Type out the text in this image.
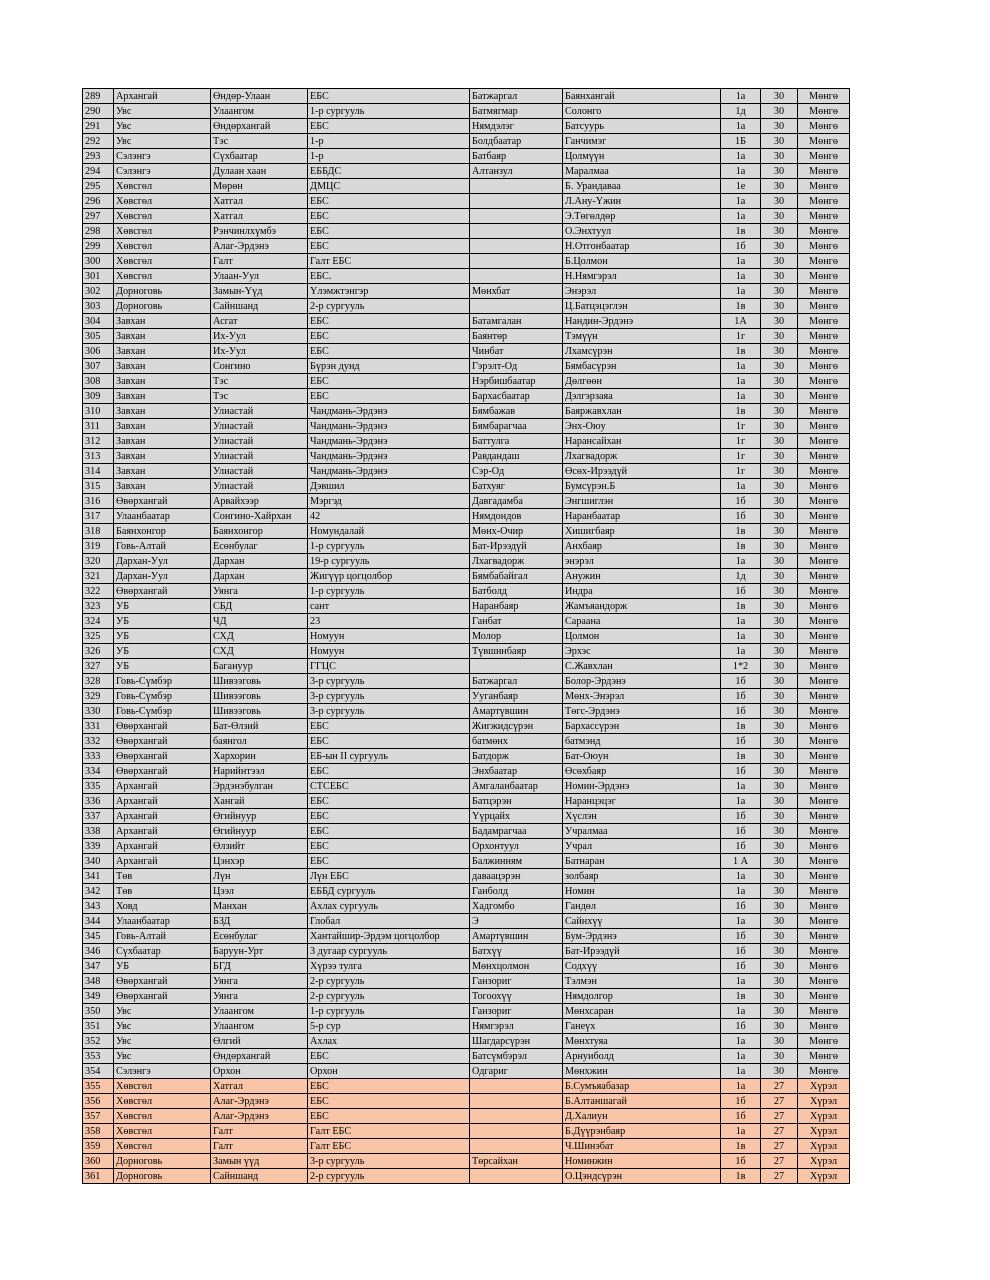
289	Архангай	Өндөр-Улаан	ЕБС	Батжаргал	Баянхангай	1а	30	Мөнгө
290	Увс	Улаангом	1-р сургууль	Батмягмар	Солонго	1д	30	Мөнгө
291	Увс	Өндөрхангай	ЕБС	Нямдэлэг	Батсуурь	1а	30	Мөнгө
292	Увс	Тэс	1-р	Болдбаатар	Ганчимэг	1Б	30	Мөнгө
293	Сэлэнгэ	Сүхбаатар	1-р	Батбаяр	Цолмүүн	1а	30	Мөнгө
294	Сэлэнгэ	Дулаан хаан	ЕББДС	Алтанзул	Маралмаа	1а	30	Мөнгө
295	Хөвсгөл	Мөрөн	ДМЦС		Б. Урандаваа	1е	30	Мөнгө
296	Хөвсгөл	Хатгал	ЕБС		Л.Ану-Үжин	1а	30	Мөнгө
297	Хөвсгөл	Хатгал	ЕБС		Э.Төгөлдөр	1а	30	Мөнгө
298	Хөвсгөл	Рэнчинлхүмбэ	ЕБС		О.Энхтуул	1в	30	Мөнгө
299	Хөвсгөл	Алаг-Эрдэнэ	ЕБС		Н.Отгонбаатар	1б	30	Мөнгө
300	Хөвсгөл	Галт	Галт ЕБС		Б.Цолмон	1а	30	Мөнгө
301	Хөвсгөл	Улаан-Уул	ЕБС.		Н.Нямгэрэл	1а	30	Мөнгө
302	Дорноговь	Замын-Үүд	Үлэмжтэнгэр	Мөнхбат	Энэрэл	1а	30	Мөнгө
303	Дорноговь	Сайншанд	2-р сургууль		Ц.Батцэцэглэн	1в	30	Мөнгө
304	Завхан	Асгат	ЕБС	Батамгалан	Нандин-Эрдэнэ	1А	30	Мөнгө
305	Завхан	Их-Уул	ЕБС	Баянтөр	Тэмүүн	1г	30	Мөнгө
306	Завхан	Их-Уул	ЕБС	Чинбат	Лхамсүрэн	1в	30	Мөнгө
307	Завхан	Сонгино	Бүрэн дунд	Гэрэлт-Од	Бямбасүрэн	1а	30	Мөнгө
308	Завхан	Тэс	ЕБС	Нэрбишбаатар	Дөлгөөн	1а	30	Мөнгө
309	Завхан	Тэс	ЕБС	Бархасбаатар	Дэлгэрзаяа	1а	30	Мөнгө
310	Завхан	Улиастай	Чандмань-Эрдэнэ	Бямбажав	Баяржавхлан	1в	30	Мөнгө
311	Завхан	Улиастай	Чандмань-Эрдэнэ	Бямбарагчаа	Энх-Оюу	1г	30	Мөнгө
312	Завхан	Улиастай	Чандмань-Эрдэнэ	Баттулга	Нарансайхан	1г	30	Мөнгө
313	Завхан	Улиастай	Чандмань-Эрдэнэ	Равдандаш	Лхагвадорж	1г	30	Мөнгө
314	Завхан	Улиастай	Чандмань-Эрдэнэ	Сэр-Од	Өсөх-Ирээдүй	1г	30	Мөнгө
315	Завхан	Улиастай	Дэвшил	Батхуяг	Бумсүрэн.Б	1а	30	Мөнгө
316	Өвөрхангай	Арвайхээр	Мэргэд	Давгадамба	Энгшиглэн	1б	30	Мөнгө
317	Улаанбаатар	Сонгино-Хайрхан	42	Нямдондов	Наранбаатар	1б	30	Мөнгө
318	Баянхонгор	Баянхонгор	Номундалай	Мөнх-Очир	Хишигбаяр	1в	30	Мөнгө
319	Говь-Алтай	Есөнбулаг	1-р сургууль	Бат-Ирээдүй	Анхбаяр	1в	30	Мөнгө
320	Дархан-Уул	Дархан	19-р сургууль	Лхагвадорж	энэрэл	1а	30	Мөнгө
321	Дархан-Уул	Дархан	Жигүүр цогцолбор	Бямбабайгал	Анужин	1д	30	Мөнгө
322	Өвөрхангай	Уянга	1-р сургууль	Батболд	Индра	1б	30	Мөнгө
323	УБ	СБД	сант	Наранбаяр	Жамъяандорж	1в	30	Мөнгө
324	УБ	ЧД	23	Ганбат	Сараана	1а	30	Мөнгө
325	УБ	СХД	Номуун	Молор	Цолмон	1а	30	Мөнгө
326	УБ	СХД	Номуун	Түвшинбаяр	Эрхэс	1а	30	Мөнгө
327	УБ	Багануур	ГГЦС		С.Жавхлан	1*2	30	Мөнгө
328	Говь-Сүмбэр	Шивээговь	3-р сургууль	Батжаргал	Болор-Эрдэнэ	1б	30	Мөнгө
329	Говь-Сүмбэр	Шивээговь	3-р сургууль	Ууганбаяр	Мөнх-Энэрэл	1б	30	Мөнгө
330	Говь-Сүмбэр	Шивээговь	3-р сургууль	Амартүвшин	Төгс-Эрдэнэ	1б	30	Мөнгө
331	Өвөрхангай	Бат-Өлзий	ЕБС	Жигжидсүрэн	Бархассүрэн	1в	30	Мөнгө
332	Өвөрхангай	баянгол	ЕБС	батмөнх	батмэнд	1б	30	Мөнгө
333	Өвөрхангай	Хархорин	ЕБ-ын II сургууль	Батдорж	Бат-Оюун	1в	30	Мөнгө
334	Өвөрхангай	Нарийнтээл	ЕБС	Энхбаатар	Өсөхбаяр	1б	30	Мөнгө
335	Архангай	Эрдэнэбулган	СТСЕБС	Амгаланбаатар	Номин-Эрдэнэ	1а	30	Мөнгө
336	Архангай	Хангай	ЕБС	Батцэрэн	Наранцэцэг	1а	30	Мөнгө
337	Архангай	Өгийнуур	ЕБС	Үүрцайх	Хүслэн	1б	30	Мөнгө
338	Архангай	Өгийнуур	ЕБС	Бадамрагчаа	Учралмаа	1б	30	Мөнгө
339	Архангай	Өлзийт	ЕБС	Орхонтуул	Учрал	1б	30	Мөнгө
340	Архангай	Цэнхэр	ЕБС	Балжинням	Батнаран	1 А	30	Мөнгө
341	Төв	Лүн	Лүн ЕБС	даваацэрэн	золбаяр	1а	30	Мөнгө
342	Төв	Цээл	ЕББД сургууль	Ганболд	Номин	1а	30	Мөнгө
343	Ховд	Манхан	Ахлах сургууль	Хадгомбо	Гандөл	1б	30	Мөнгө
344	Улаанбаатар	БЗД	Глобал	Э	Сайнхүү	1а	30	Мөнгө
345	Говь-Алтай	Есөнбулаг	Хантайшир-Эрдэм цогцолбор	Амартүвшин	Бум-Эрдэнэ	1б	30	Мөнгө
346	Сүхбаатар	Баруун-Урт	3 дугаар сургууль	Батхүү	Бат-Ирээдүй	1б	30	Мөнгө
347	УБ	БГД	Хүрээ тулга	Мөнхцолмон	Содхүү	1б	30	Мөнгө
348	Өвөрхангай	Уянга	2-р сургууль	Ганзориг	Тэлмэн	1а	30	Мөнгө
349	Өвөрхангай	Уянга	2-р сургууль	Тогоохүү	Нямдолгор	1в	30	Мөнгө
350	Увс	Улаангом	1-р сургууль	Ганзориг	Мөнхсаран	1а	30	Мөнгө
351	Увс	Улаангом	5-р сур	Нямгэрэл	Ганеүх	1б	30	Мөнгө
352	Увс	Өлгий	Ахлах	Шагдарсүрэн	Мөнхтуяа	1а	30	Мөнгө
353	Увс	Өндөрхангай	ЕБС	Батсүмбэрэл	Арнуиболд	1а	30	Мөнгө
354	Сэлэнгэ	Орхон	Орхон	Одгариг	Мөнхжин	1а	30	Мөнгө
355	Хөвсгөл	Хатгал	ЕБС		Б.Сумъяабазар	1а	27	Хүрэл
356	Хөвсгөл	Алаг-Эрдэнэ	ЕБС		Б.Алтаншагай	1б	27	Хүрэл
357	Хөвсгөл	Алаг-Эрдэнэ	ЕБС		Д.Халиун	1б	27	Хүрэл
358	Хөвсгөл	Галт	Галт ЕБС		Б.Дүүрэнбаяр	1а	27	Хүрэл
359	Хөвсгөл	Галт	Галт ЕБС		Ч.Шинэбат	1в	27	Хүрэл
360	Дорноговь	Замын үүд	3-р сургууль	Төрсайхан	Номинжин	1б	27	Хүрэл
361	Дорноговь	Сайншанд	2-р сургууль		О.Цэндсүрэн	1в	27	Хүрэл
